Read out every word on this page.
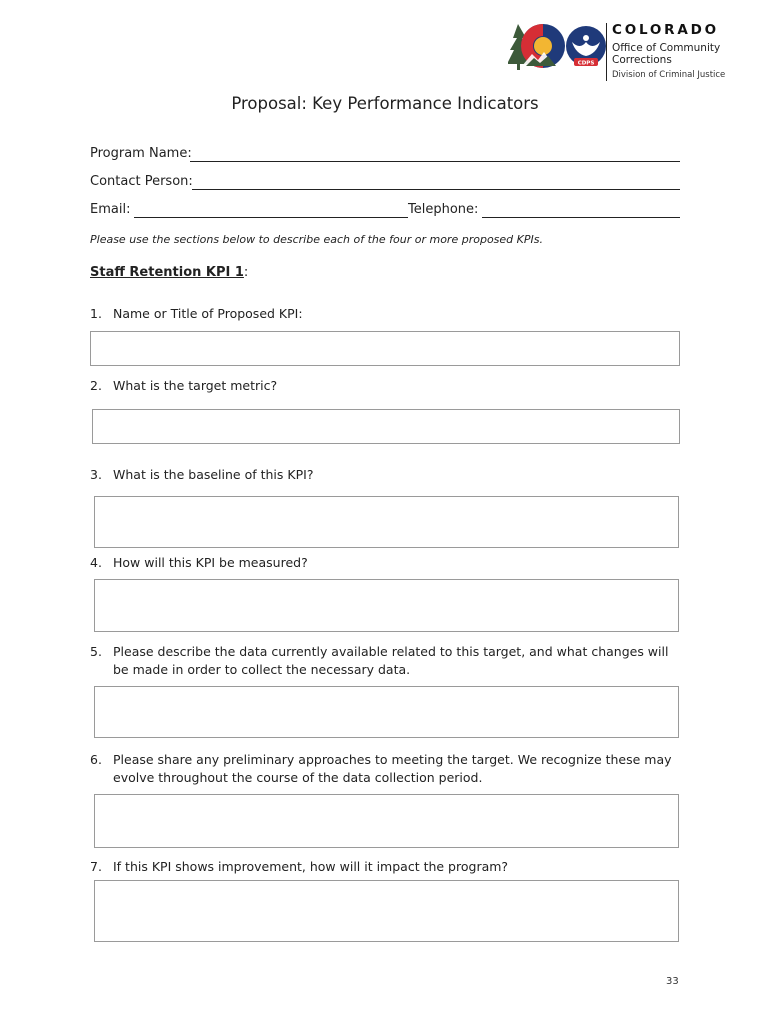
CDPS
COLORADO
Office of Community
Corrections
Division of Criminal Justice
Proposal: Key Performance Indicators
Program Name:
Contact Person:
Email:	Telephone:
Please use the sections below to describe each of the four or more proposed KPIs.
Staff Retention KPI 1:
1. Name or Title of Proposed KPI:
2. What is the target metric?
3. What is the baseline of this KPI?
4. How will this KPI be measured?
5. Please describe the data currently available related to this target, and what changes will be made in order to collect the necessary data.
6. Please share any preliminary approaches to meeting the target. We recognize these may evolve throughout the course of the data collection period.
7. If this KPI shows improvement, how will it impact the program?
33
